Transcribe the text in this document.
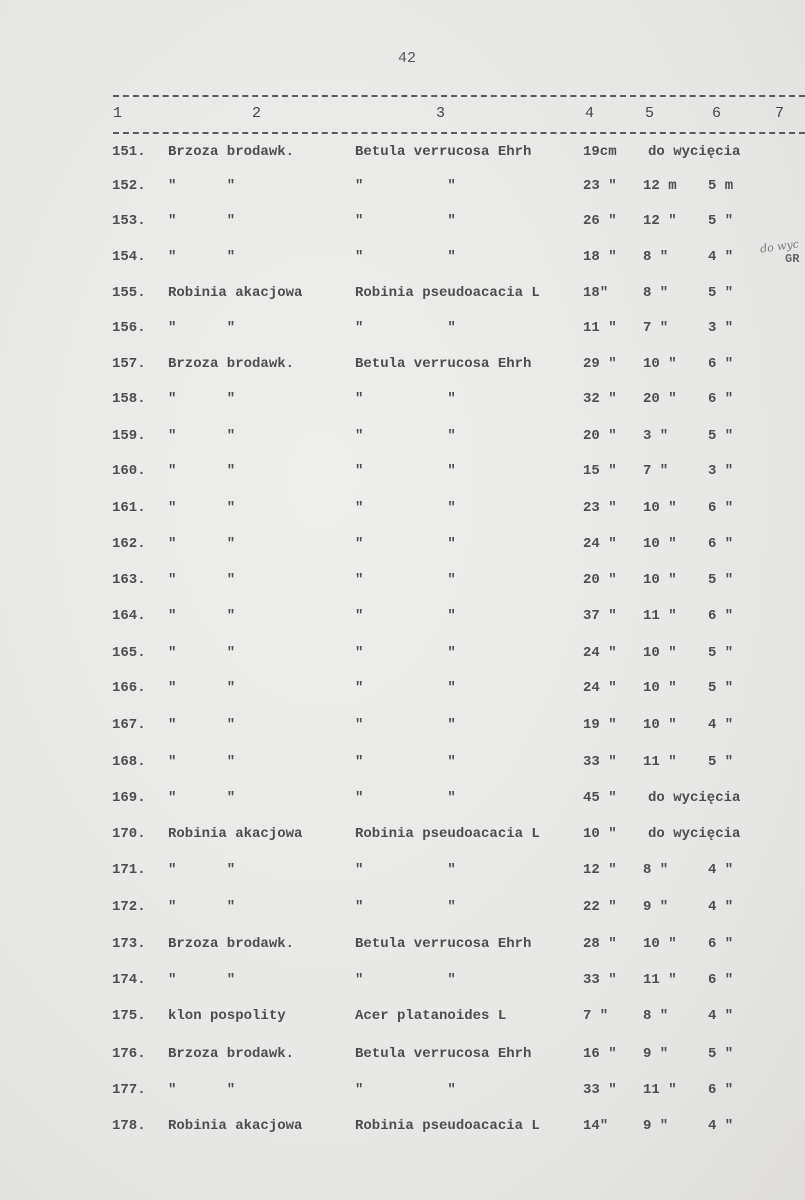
42
1	2	3	4	5	6	7
151. Brzoza brodawk.	Betula verrucosa Ehrh	19cm do wycięcia
152. "      "	"          "	23 " 12 m 5 m
153. "      "	"          "	26 " 12 " 5 "
154. "      "	"          "	18 " 8 "	4 "
155. Robinia akacjowa	Robinia pseudoacacia L	18" 8 "	5 "
156. "      "	"          "	11 " 7 "	3 "
157. Brzoza brodawk.	Betula verrucosa Ehrh	29 " 10 " 6 "
158. "      "	"          "	32 " 20 " 6 "
159. "      "	"          "	20 " 3 "	5 "
160. "      "	"          "	15 " 7 "	3 "
161. "      "	"          "	23 " 10 " 6 "
162. "      "	"          "	24 " 10 " 6 "
163. "      "	"          "	20 " 10 " 5 "
164. "      "	"          "	37 " 11 " 6 "
165. "      "	"          "	24 " 10 " 5 "
166. "      "	"          "	24 " 10 " 5 "
167. "      "	"          "	19 " 10 " 4 "
168. "      "	"          "	33 " 11 " 5 "
169. "      "	"          "	45 " do wycięcia
170. Robinia akacjowa	Robinia pseudoacacia L	10 " do wycięcia
171. "      "	"          "	12 " 8 "	4 "
172. "      "	"          "	22 " 9 "	4 "
173. Brzoza brodawk.	Betula verrucosa Ehrh	28 " 10 " 6 "
174. "      "	"          "	33 " 11 " 6 "
175. klon pospolity	Acer platanoides L	7 " 8 "	4 "
176. Brzoza brodawk.	Betula verrucosa Ehrh	16 " 9 "	5 "
177. "      "	"          "	33 " 11 " 6 "
178. Robinia akacjowa	Robinia pseudoacacia L	14" 9 "	4 "
do wyc
GR
